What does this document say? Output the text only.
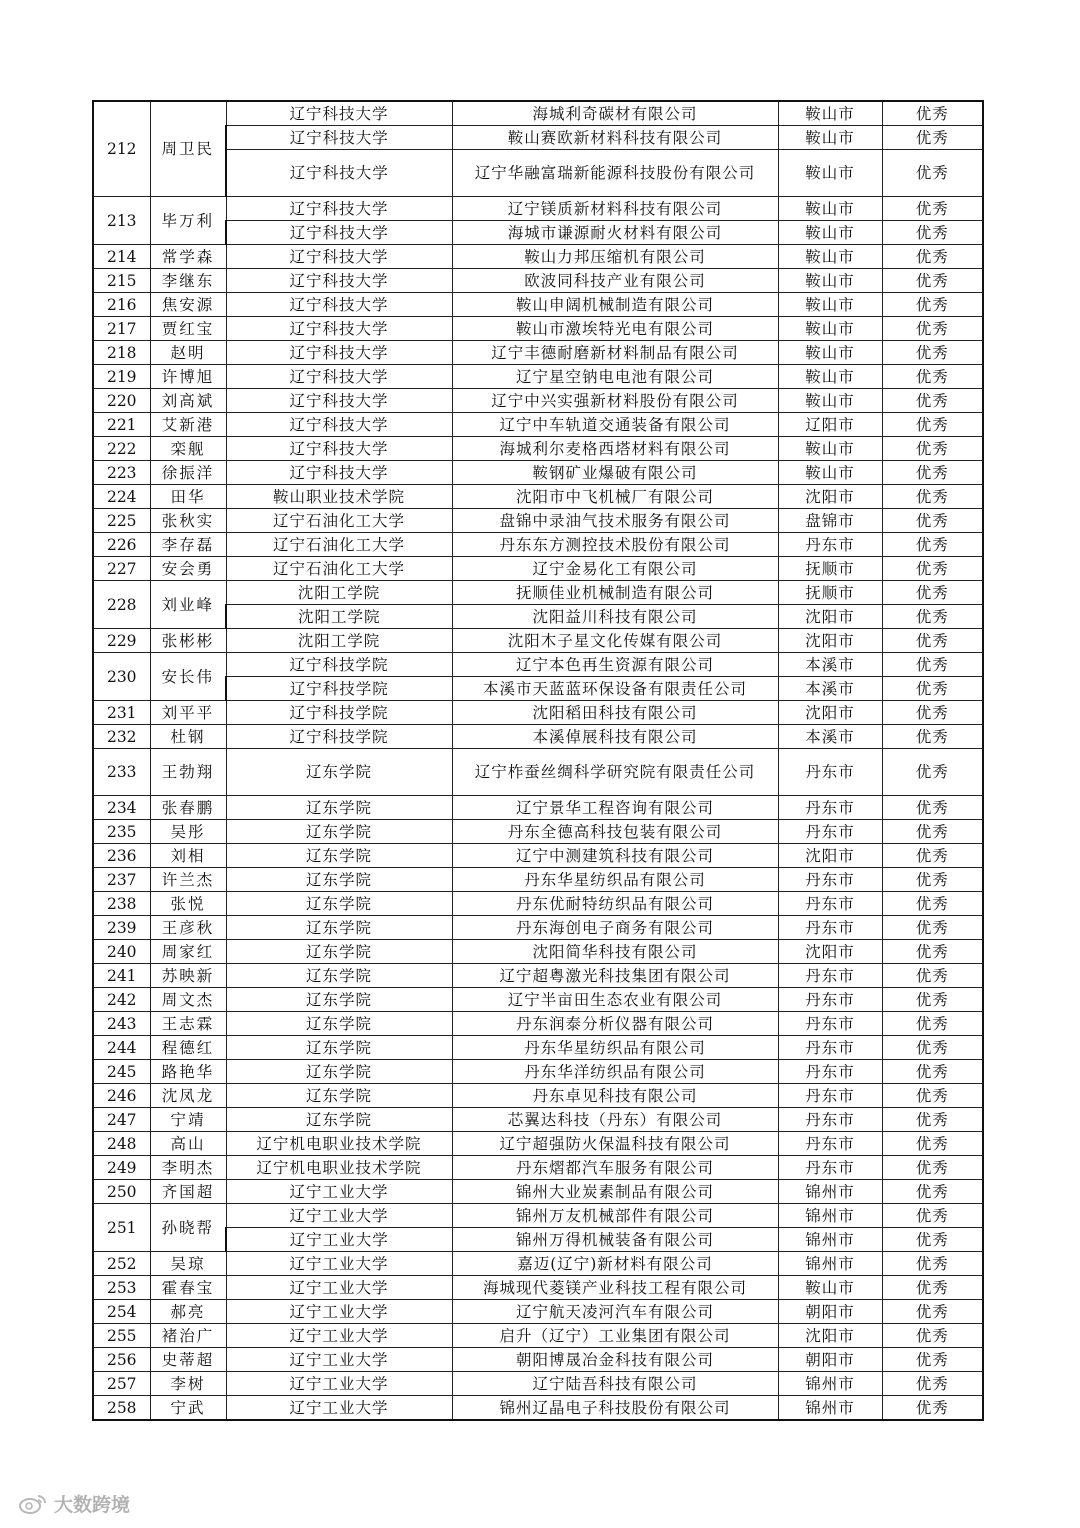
212	周卫民	辽宁科技大学	海城利奇碳材有限公司	鞍山市	优秀
		辽宁科技大学	鞍山赛欧新材料科技有限公司	鞍山市	优秀
		辽宁科技大学	辽宁华融富瑞新能源科技股份有限公司	鞍山市	优秀
213	毕万利	辽宁科技大学	辽宁镁质新材料科技有限公司	鞍山市	优秀
		辽宁科技大学	海城市谦源耐火材料有限公司	鞍山市	优秀
214	常学森	辽宁科技大学	鞍山力邦压缩机有限公司	鞍山市	优秀
215	李继东	辽宁科技大学	欧波同科技产业有限公司	鞍山市	优秀
216	焦安源	辽宁科技大学	鞍山申阔机械制造有限公司	鞍山市	优秀
217	贾红宝	辽宁科技大学	鞍山市激埃特光电有限公司	鞍山市	优秀
218	赵明	辽宁科技大学	辽宁丰德耐磨新材料制品有限公司	鞍山市	优秀
219	许博旭	辽宁科技大学	辽宁星空钠电电池有限公司	鞍山市	优秀
220	刘高斌	辽宁科技大学	辽宁中兴实强新材料股份有限公司	鞍山市	优秀
221	艾新港	辽宁科技大学	辽宁中车轨道交通装备有限公司	辽阳市	优秀
222	栾舰	辽宁科技大学	海城利尔麦格西塔材料有限公司	鞍山市	优秀
223	徐振洋	辽宁科技大学	鞍钢矿业爆破有限公司	鞍山市	优秀
224	田华	鞍山职业技术学院	沈阳市中飞机械厂有限公司	沈阳市	优秀
225	张秋实	辽宁石油化工大学	盘锦中录油气技术服务有限公司	盘锦市	优秀
226	李存磊	辽宁石油化工大学	丹东东方测控技术股份有限公司	丹东市	优秀
227	安会勇	辽宁石油化工大学	辽宁金易化工有限公司	抚顺市	优秀
228	刘业峰	沈阳工学院	抚顺佳业机械制造有限公司	抚顺市	优秀
		沈阳工学院	沈阳益川科技有限公司	沈阳市	优秀
229	张彬彬	沈阳工学院	沈阳木子星文化传媒有限公司	沈阳市	优秀
230	安长伟	辽宁科技学院	辽宁本色再生资源有限公司	本溪市	优秀
		辽宁科技学院	本溪市天蓝蓝环保设备有限责任公司	本溪市	优秀
231	刘平平	辽宁科技学院	沈阳稻田科技有限公司	沈阳市	优秀
232	杜钢	辽宁科技学院	本溪倬展科技有限公司	本溪市	优秀
233	王勃翔	辽东学院	辽宁柞蚕丝绸科学研究院有限责任公司	丹东市	优秀
234	张春鹏	辽东学院	辽宁景华工程咨询有限公司	丹东市	优秀
235	吴彤	辽东学院	丹东全德高科技包装有限公司	丹东市	优秀
236	刘相	辽东学院	辽宁中测建筑科技有限公司	沈阳市	优秀
237	许兰杰	辽东学院	丹东华星纺织品有限公司	丹东市	优秀
238	张悦	辽东学院	丹东优耐特纺织品有限公司	丹东市	优秀
239	王彦秋	辽东学院	丹东海创电子商务有限公司	丹东市	优秀
240	周家红	辽东学院	沈阳简华科技有限公司	沈阳市	优秀
241	苏映新	辽东学院	辽宁超粤激光科技集团有限公司	丹东市	优秀
242	周文杰	辽东学院	辽宁半亩田生态农业有限公司	丹东市	优秀
243	王志霖	辽东学院	丹东润泰分析仪器有限公司	丹东市	优秀
244	程德红	辽东学院	丹东华星纺织品有限公司	丹东市	优秀
245	路艳华	辽东学院	丹东华洋纺织品有限公司	丹东市	优秀
246	沈凤龙	辽东学院	丹东卓见科技有限公司	丹东市	优秀
247	宁靖	辽东学院	芯翼达科技（丹东）有限公司	丹东市	优秀
248	高山	辽宁机电职业技术学院	辽宁超强防火保温科技有限公司	丹东市	优秀
249	李明杰	辽宁机电职业技术学院	丹东熠都汽车服务有限公司	丹东市	优秀
250	齐国超	辽宁工业大学	锦州大业炭素制品有限公司	锦州市	优秀
251	孙晓帮	辽宁工业大学	锦州万友机械部件有限公司	锦州市	优秀
		辽宁工业大学	锦州万得机械装备有限公司	锦州市	优秀
252	吴琼	辽宁工业大学	嘉迈(辽宁)新材料有限公司	锦州市	优秀
253	霍春宝	辽宁工业大学	海城现代菱镁产业科技工程有限公司	鞍山市	优秀
254	郝亮	辽宁工业大学	辽宁航天凌河汽车有限公司	朝阳市	优秀
255	褚治广	辽宁工业大学	启升（辽宁）工业集团有限公司	沈阳市	优秀
256	史蒂超	辽宁工业大学	朝阳博晟冶金科技有限公司	朝阳市	优秀
257	李树	辽宁工业大学	辽宁陆吾科技有限公司	锦州市	优秀
258	宁武	辽宁工业大学	锦州辽晶电子科技股份有限公司	锦州市	优秀
大数跨境
